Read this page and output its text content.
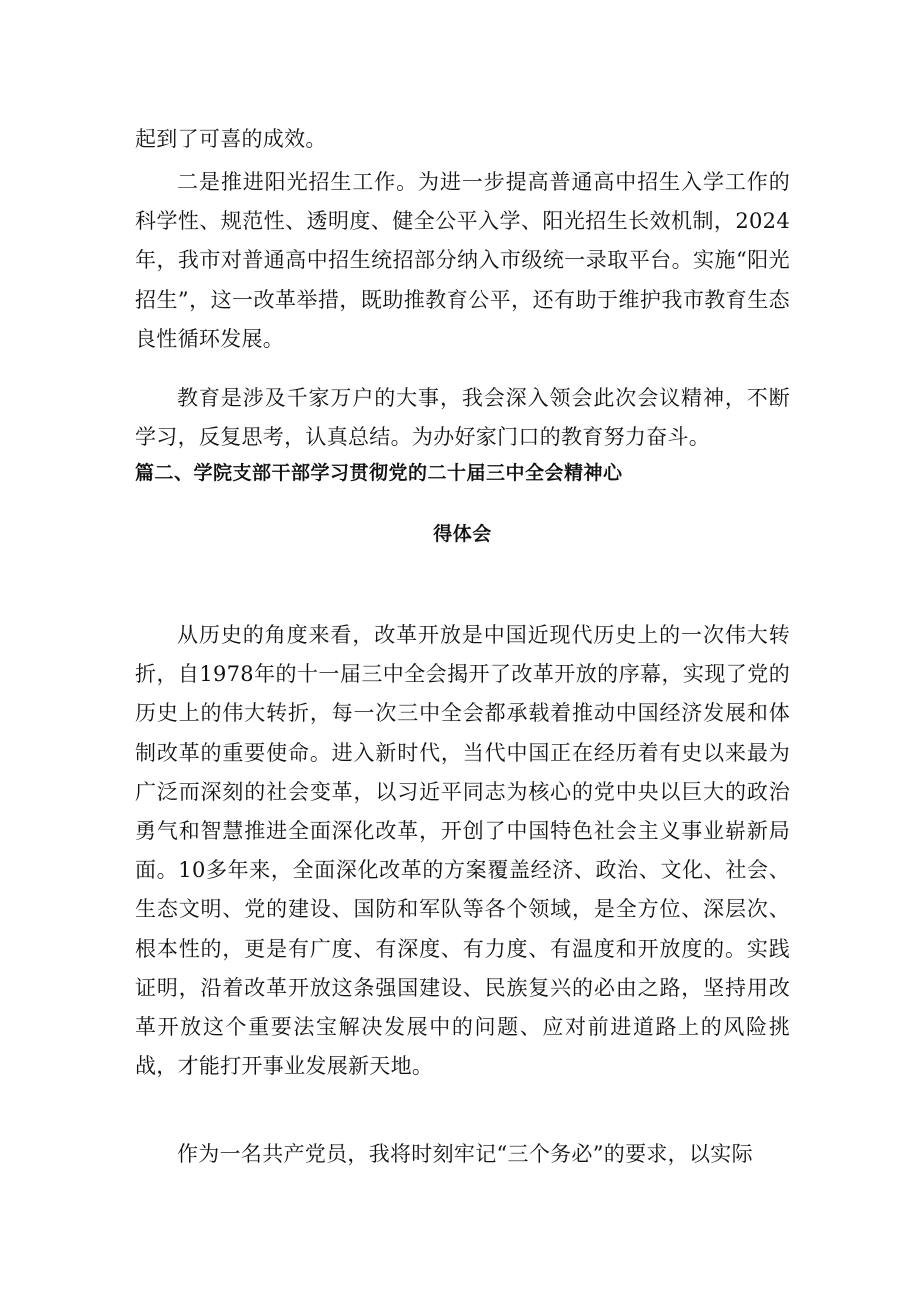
起到了可喜的成效。

二是推进阳光招生工作。为进一步提高普通高中招生入学工作的科学性、规范性、透明度、健全公平入学、阳光招生长效机制，2024年，我市对普通高中招生统招部分纳入市级统一录取平台。实施“阳光招生”，这一改革举措，既助推教育公平，还有助于维护我市教育生态良性循环发展。

教育是涉及千家万户的大事，我会深入领会此次会议精神，不断学习，反复思考，认真总结。为办好家门口的教育努力奋斗。

篇二、学院支部干部学习贯彻党的二十届三中全会精神心
得体会

从历史的角度来看，改革开放是中国近现代历史上的一次伟大转折，自1978年的十一届三中全会揭开了改革开放的序幕，实现了党的历史上的伟大转折，每一次三中全会都承载着推动中国经济发展和体制改革的重要使命。进入新时代，当代中国正在经历着有史以来最为广泛而深刻的社会变革，以习近平同志为核心的党中央以巨大的政治勇气和智慧推进全面深化改革，开创了中国特色社会主义事业崭新局面。10多年来，全面深化改革的方案覆盖经济、政治、文化、社会、生态文明、党的建设、国防和军队等各个领域，是全方位、深层次、根本性的，更是有广度、有深度、有力度、有温度和开放度的。实践证明，沿着改革开放这条强国建设、民族复兴的必由之路，坚持用改革开放这个重要法宝解决发展中的问题、应对前进道路上的风险挑战，才能打开事业发展新天地。

作为一名共产党员，我将时刻牢记“三个务必”的要求，以实际
